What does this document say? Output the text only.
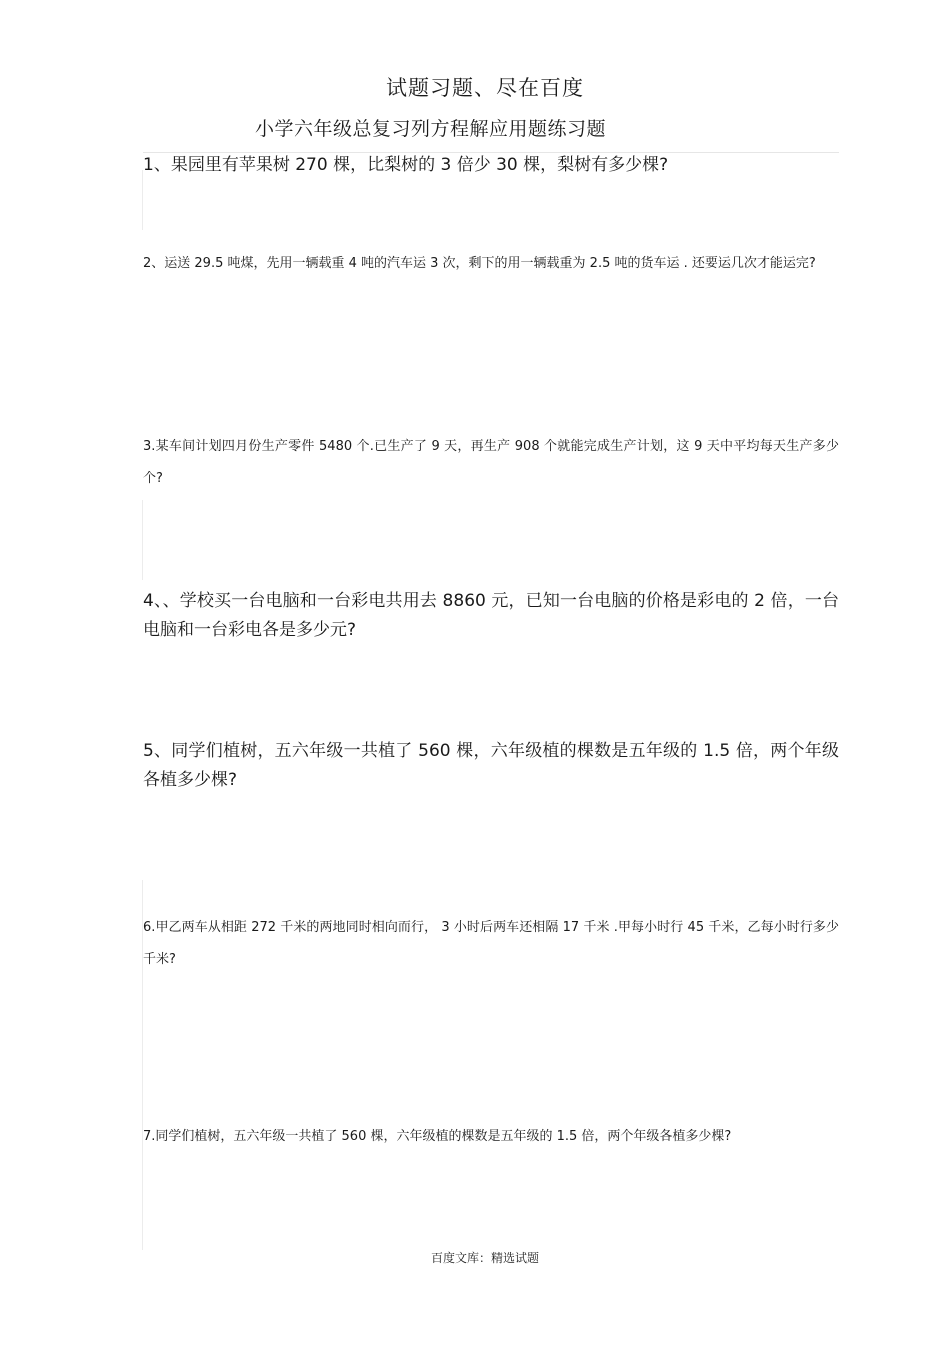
试题习题、尽在百度
小学六年级总复习列方程解应用题练习题
1、果园里有苹果树 270 棵，比梨树的 3 倍少 30 棵，梨树有多少棵?
2、运送 29.5 吨煤，先用一辆载重 4 吨的汽车运 3 次，剩下的用一辆载重为 2.5 吨的货车运 . 还要运几次才能运完?
3.某车间计划四月份生产零件 5480 个.已生产了 9 天，再生产 908 个就能完成生产计划，这 9 天中平均每天生产多少个?
4、、学校买一台电脑和一台彩电共用去 8860 元，已知一台电脑的价格是彩电的 2 倍，一台电脑和一台彩电各是多少元?
5、同学们植树，五六年级一共植了 560 棵，六年级植的棵数是五年级的 1.5 倍，两个年级各植多少棵?
6.甲乙两车从相距 272 千米的两地同时相向而行， 3 小时后两车还相隔 17 千米 .甲每小时行 45 千米，乙每小时行多少千米?
7.同学们植树，五六年级一共植了 560 棵，六年级植的棵数是五年级的 1.5 倍，两个年级各植多少棵?
百度文库：精选试题
